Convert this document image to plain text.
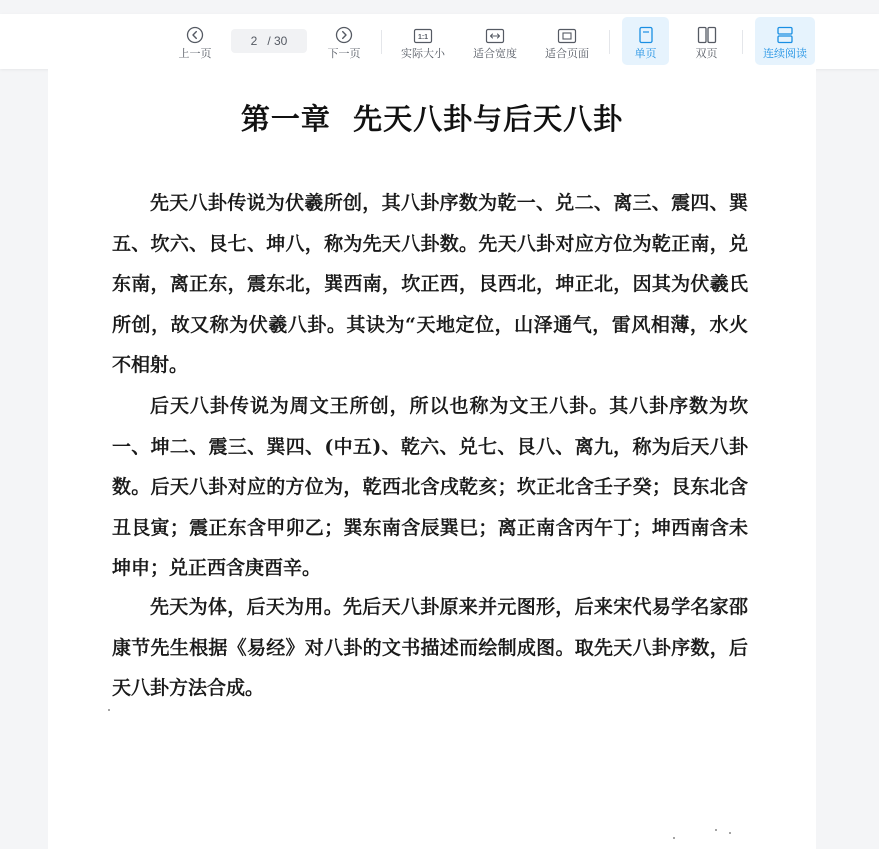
上一页
2 / 30
下一页
1:1
实际大小	适合宽度	适合页面	单页	双页	连续阅读
第一章  先天八卦与后天八卦

先天八卦传说为伏羲所创，其八卦序数为乾一、兑二、离三、震四、巽五、坎六、艮七、坤八，称为先天八卦数。先天八卦对应方位为乾正南，兑东南，离正东，震东北，巽西南，坎正西，艮西北，坤正北，因其为伏羲氏所创，故又称为伏羲八卦。其诀为“天地定位，山泽通气，雷风相薄，水火不相射。

后天八卦传说为周文王所创，所以也称为文王八卦。其八卦序数为坎一、坤二、震三、巽四、(中五)、乾六、兑七、艮八、离九，称为后天八卦数。后天八卦对应的方位为，乾西北含戌乾亥；坎正北含壬子癸；艮东北含丑艮寅；震正东含甲卯乙；巽东南含辰巽巳；离正南含丙午丁；坤西南含未坤申；兑正西含庚酉辛。

先天为体，后天为用。先后天八卦原来并元图形，后来宋代易学名家邵康节先生根据《易经》对八卦的文书描述而绘制成图。取先天八卦序数，后天八卦方法合成。
